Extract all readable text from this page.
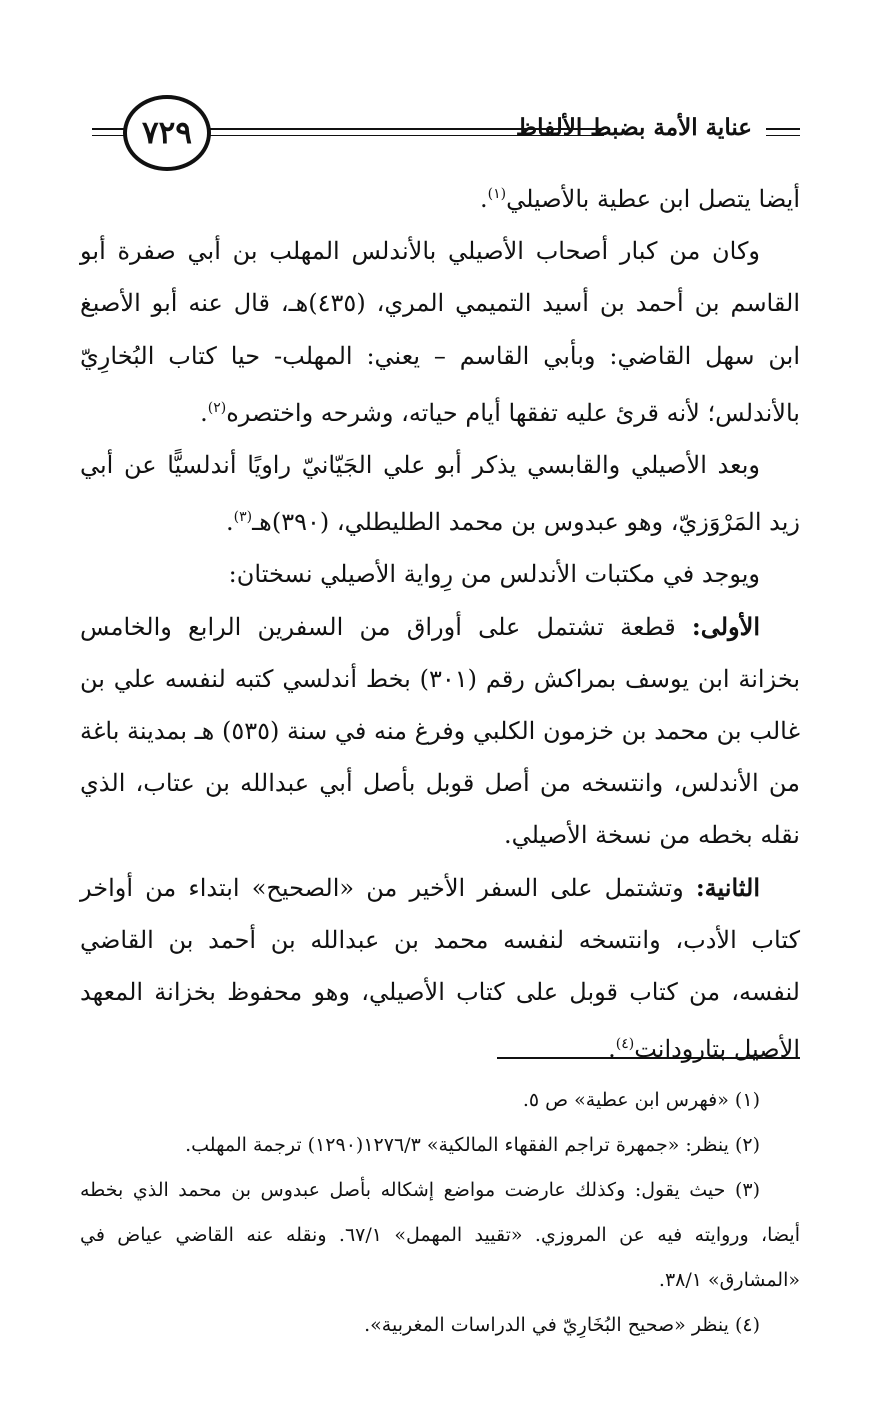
٧٢٩	عناية الأمة بضبط الألفاظ

أيضا يتصل ابن عطية بالأصيلي$^{(١)}$.

وكان من كبار أصحاب الأصيلي بالأندلس المهلب بن أبي صفرة أبو القاسم بن أحمد بن أسيد التميمي المري، (٤٣٥)هـ، قال عنه أبو الأصبغ ابن سهل القاضي: وبأبي القاسم – يعني: المهلب- حيا كتاب البُخارِيّ بالأندلس؛ لأنه قرئ عليه تفقها أيام حياته، وشرحه واختصره$^{(٢)}$.

وبعد الأصيلي والقابسي يذكر أبو علي الجَيّانيّ راويًا أندلسيًّا عن أبي زيد المَرْوَزيّ، وهو عبدوس بن محمد الطليطلي، (٣٩٠)هـ$^{(٣)}$.

ويوجد في مكتبات الأندلس من رِواية الأصيلي نسختان:

الأولى: قطعة تشتمل على أوراق من السفرين الرابع والخامس بخزانة ابن يوسف بمراكش رقم (٣٠١) بخط أندلسي كتبه لنفسه علي بن غالب بن محمد بن خزمون الكلبي وفرغ منه في سنة (٥٣٥) هـ بمدينة باغة من الأندلس، وانتسخه من أصل قوبل بأصل أبي عبدالله بن عتاب، الذي نقله بخطه من نسخة الأصيلي.

الثانية: وتشتمل على السفر الأخير من «الصحيح» ابتداء من أواخر كتاب الأدب، وانتسخه لنفسه محمد بن عبدالله بن أحمد بن القاضي لنفسه، من كتاب قوبل على كتاب الأصيلي، وهو محفوظ بخزانة المعهد الأصيل بتارودانت$^{(٤)}$.

(١) «فهرس ابن عطية» ص ٥.

(٢) ينظر: «جمهرة تراجم الفقهاء المالكية» ١٢٧٦/٣(١٢٩٠) ترجمة المهلب.

(٣) حيث يقول: وكذلك عارضت مواضع إشكاله بأصل عبدوس بن محمد الذي بخطه أيضا، وروايته فيه عن المروزي. «تقييد المهمل» ٦٧/١. ونقله عنه القاضي عياض في «المشارق» ٣٨/١.

(٤) ينظر «صحيح البُخَارِيّ في الدراسات المغربية».
